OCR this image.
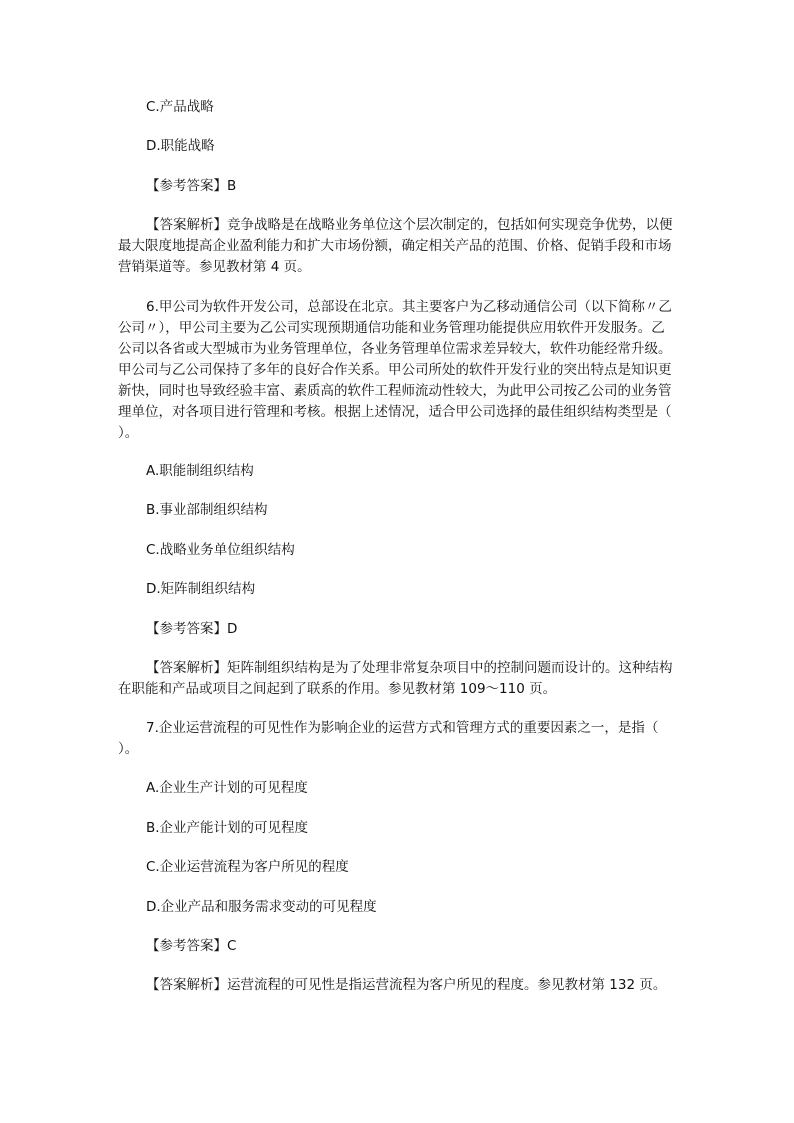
C.产品战略
D.职能战略
【参考答案】B
【答案解析】竞争战略是在战略业务单位这个层次制定的，包括如何实现竞争优势，以便最大限度地提高企业盈利能力和扩大市场份额，确定相关产品的范围、价格、促销手段和市场营销渠道等。参见教材第 4 页。
6.甲公司为软件开发公司，总部设在北京。其主要客户为乙移动通信公司（以下简称〃乙公司〃），甲公司主要为乙公司实现预期通信功能和业务管理功能提供应用软件开发服务。乙公司以各省或大型城市为业务管理单位，各业务管理单位需求差异较大，软件功能经常升级。甲公司与乙公司保持了多年的良好合作关系。甲公司所处的软件开发行业的突出特点是知识更新快，同时也导致经验丰富、素质高的软件工程师流动性较大，为此甲公司按乙公司的业务管理单位，对各项目进行管理和考核。根据上述情况，适合甲公司选择的最佳组织结构类型是（ ）。
A.职能制组织结构
B.事业部制组织结构
C.战略业务单位组织结构
D.矩阵制组织结构
【参考答案】D
【答案解析】矩阵制组织结构是为了处理非常复杂项目中的控制问题而设计的。这种结构在职能和产品或项目之间起到了联系的作用。参见教材第 109～110 页。
7.企业运营流程的可见性作为影响企业的运营方式和管理方式的重要因素之一，是指（ ）。
A.企业生产计划的可见程度
B.企业产能计划的可见程度
C.企业运营流程为客户所见的程度
D.企业产品和服务需求变动的可见程度
【参考答案】C
【答案解析】运营流程的可见性是指运营流程为客户所见的程度。参见教材第 132 页。
